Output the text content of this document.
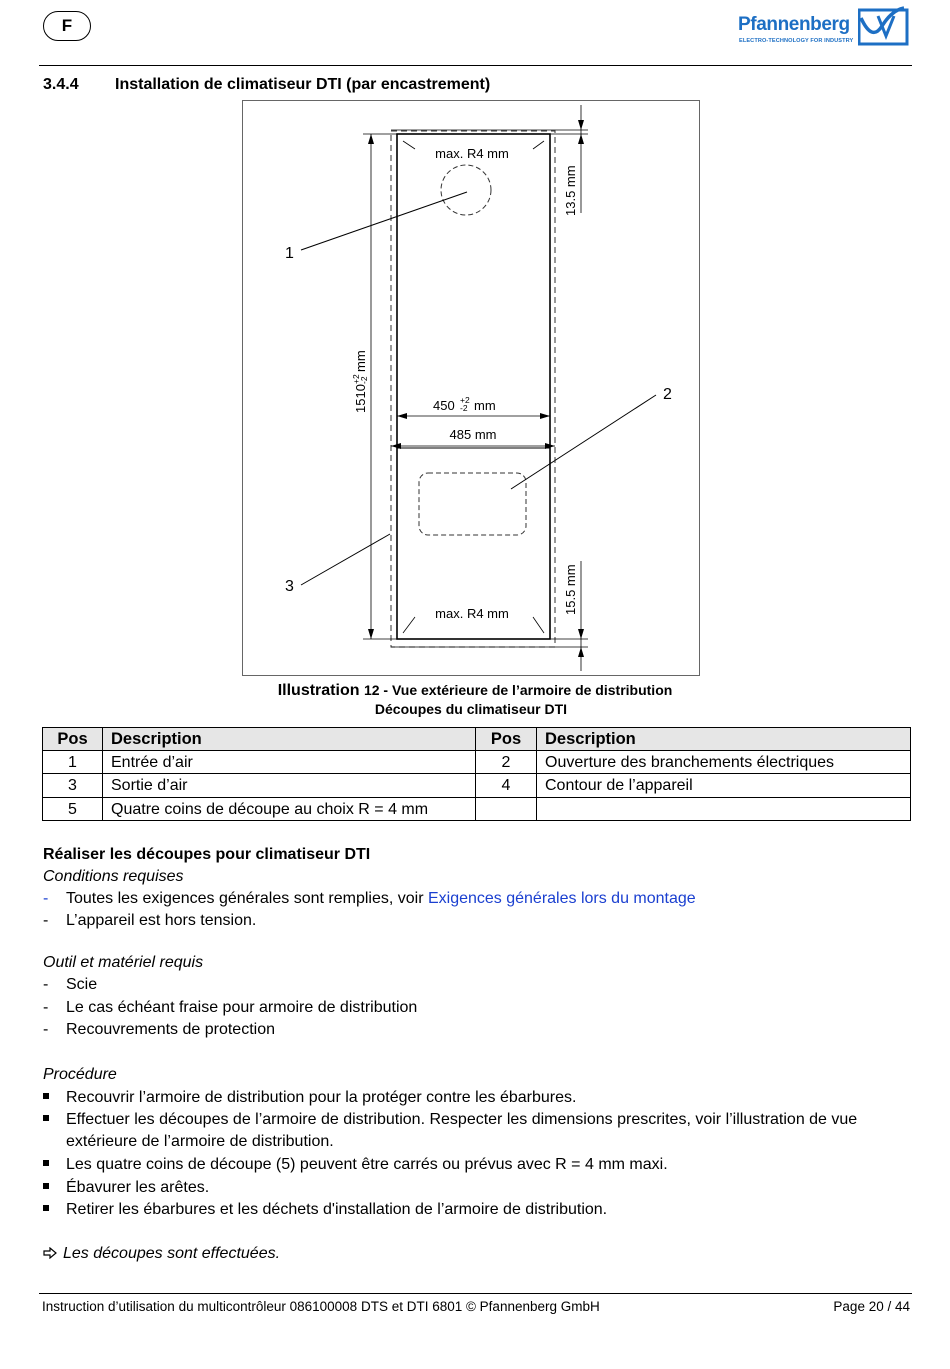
F	Pfannenberg
ELECTRO-TECHNOLOGY FOR INDUSTRY
3.4.4 Installation de climatiseur DTI (par encastrement)
max. R4 mm
max. R4 mm
13.5 mm
15.5 mm
1510
+2
-2
mm
450 +2
-2 mm
485 mm
1
2
3
Illustration 12 - Vue extérieure de l’armoire de distribution
Découpes du climatiseur DTI
Pos	Description	Pos	Description
1	Entrée d’air	2	Ouverture des branchements électriques
3	Sortie d’air	4	Contour de l’appareil
5	Quatre coins de découpe au choix R = 4 mm		
Réaliser les découpes pour climatiseur DTI
Conditions requises
- Toutes les exigences générales sont remplies, voir Exigences générales lors du montage
- L’appareil est hors tension.
Outil et matériel requis
- Scie
- Le cas échéant fraise pour armoire de distribution
- Recouvrements de protection
Procédure
Recouvrir l’armoire de distribution pour la protéger contre les ébarbures.
Effectuer les découpes de l’armoire de distribution. Respecter les dimensions prescrites, voir l’illustration de vue
extérieure de l’armoire de distribution.
Les quatre coins de découpe (5) peuvent être carrés ou prévus avec R = 4 mm maxi.
Ébavurer les arêtes.
Retirer les ébarbures et les déchets d'installation de l’armoire de distribution.
Les découpes sont effectuées.
Instruction d’utilisation du multicontrôleur 086100008 DTS et DTI 6801 © Pfannenberg GmbH	Page 20 / 44
